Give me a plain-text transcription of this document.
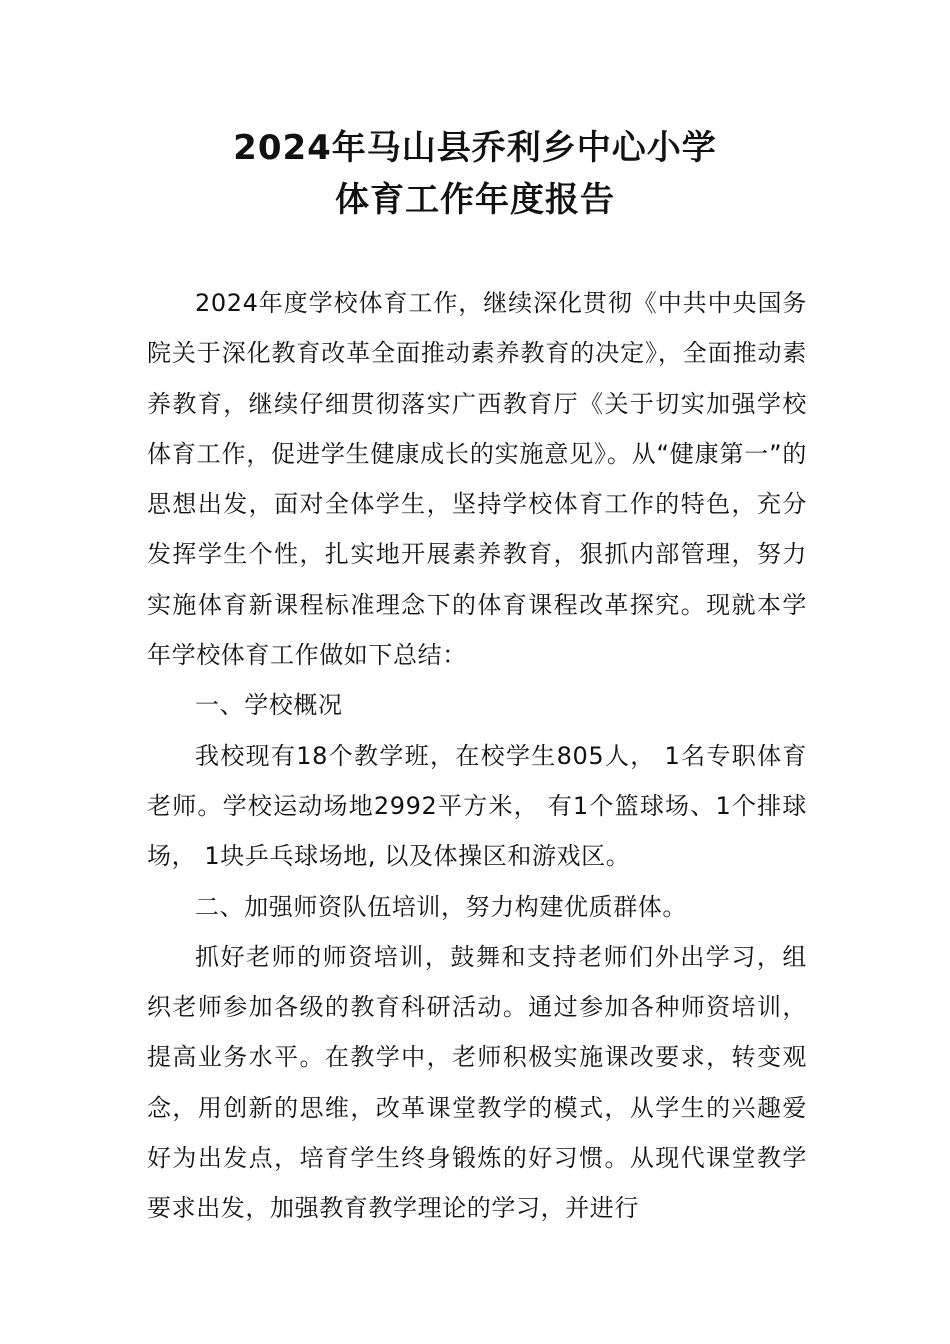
2024年马山县乔利乡中心小学
体育工作年度报告

2024年度学校体育工作，继续深化贯彻《中共中央国务院关于深化教育改革全面推动素养教育的决定》，全面推动素养教育，继续仔细贯彻落实广西教育厅《关于切实加强学校体育工作，促进学生健康成长的实施意见》。从“健康第一”的思想出发，面对全体学生，坚持学校体育工作的特色，充分发挥学生个性，扎实地开展素养教育，狠抓内部管理，努力实施体育新课程标准理念下的体育课程改革探究。现就本学年学校体育工作做如下总结：

一、学校概况

我校现有18个教学班，在校学生805人， 1名专职体育老师。学校运动场地2992平方米， 有1个篮球场、1个排球场， 1块乒乓球场地, 以及体操区和游戏区。

二、加强师资队伍培训，努力构建优质群体。

抓好老师的师资培训，鼓舞和支持老师们外出学习，组织老师参加各级的教育科研活动。通过参加各种师资培训，提高业务水平。在教学中，老师积极实施课改要求，转变观念，用创新的思维，改革课堂教学的模式，从学生的兴趣爱好为出发点，培育学生终身锻炼的好习惯。从现代课堂教学要求出发，加强教育教学理论的学习，并进行
